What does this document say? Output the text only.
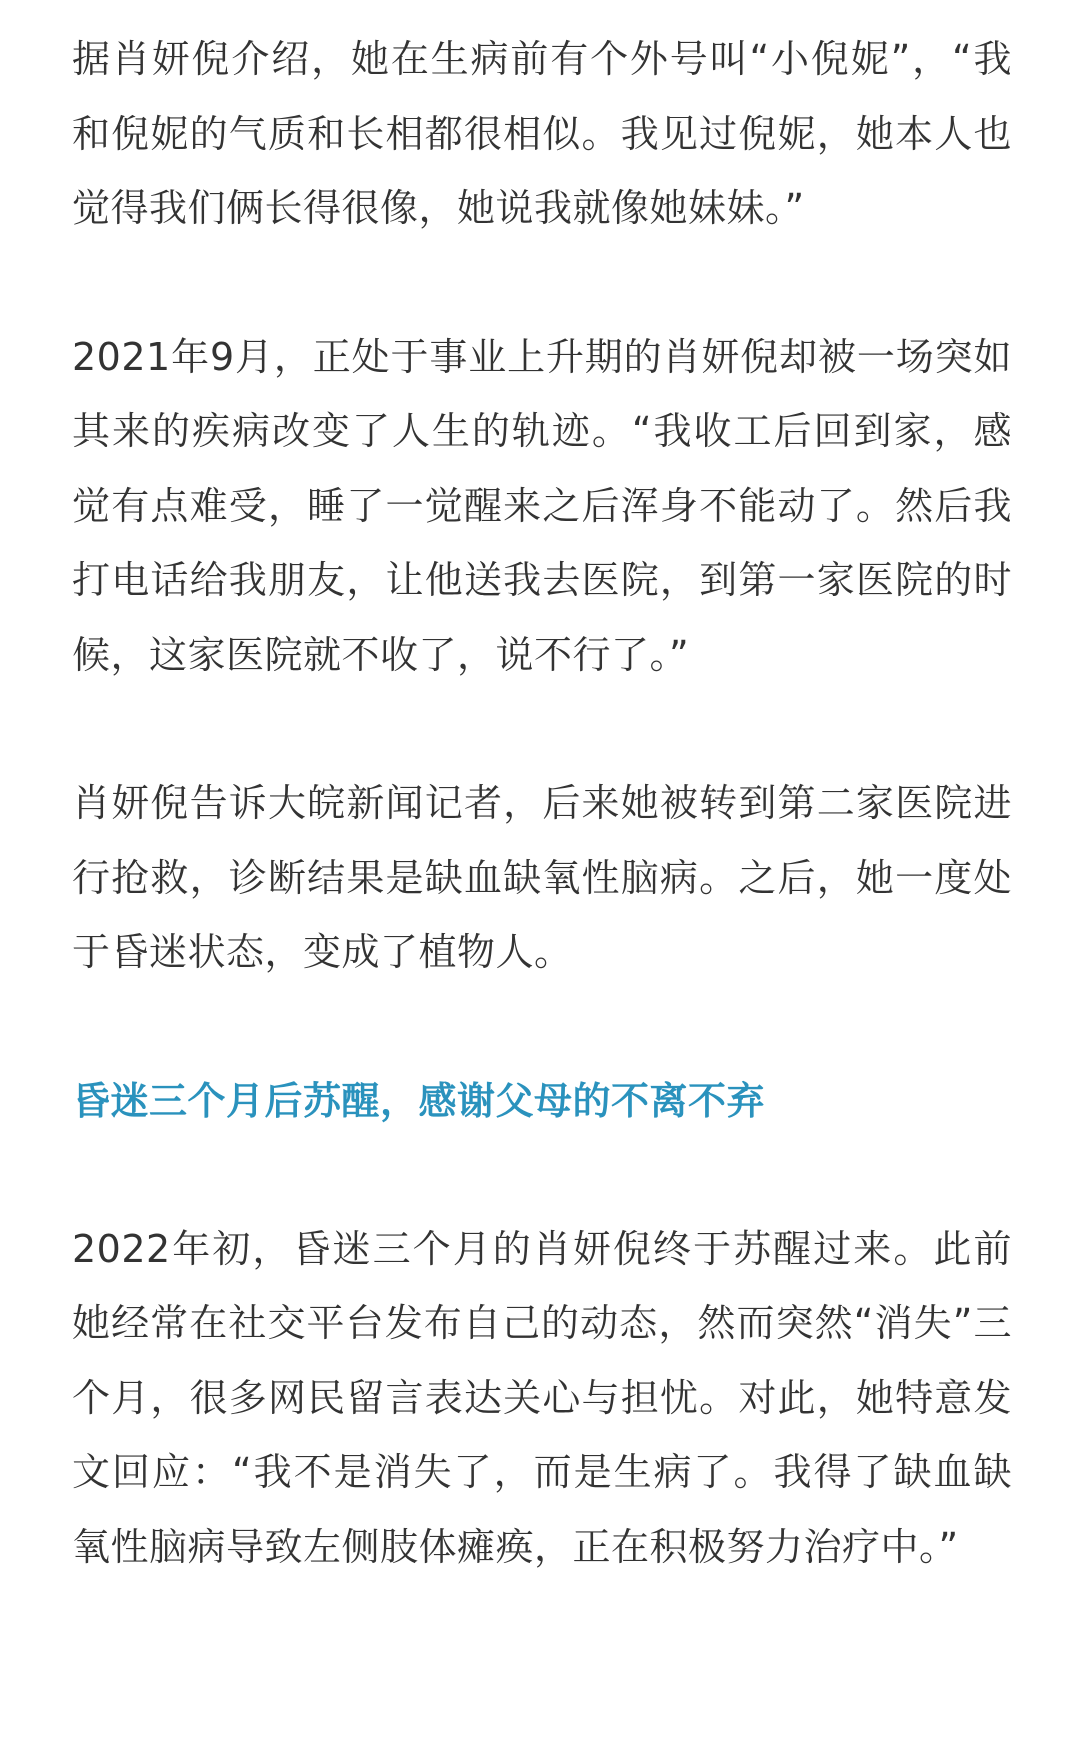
据肖妍倪介绍，她在生病前有个外号叫“小倪妮”，“我和倪妮的气质和长相都很相似。我见过倪妮，她本人也觉得我们俩长得很像，她说我就像她妹妹。”

2021年9月，正处于事业上升期的肖妍倪却被一场突如其来的疾病改变了人生的轨迹。“我收工后回到家，感觉有点难受，睡了一觉醒来之后浑身不能动了。然后我打电话给我朋友，让他送我去医院，到第一家医院的时候，这家医院就不收了，说不行了。”

肖妍倪告诉大皖新闻记者，后来她被转到第二家医院进行抢救，诊断结果是缺血缺氧性脑病。之后，她一度处于昏迷状态，变成了植物人。

昏迷三个月后苏醒，感谢父母的不离不弃

2022年初，昏迷三个月的肖妍倪终于苏醒过来。此前她经常在社交平台发布自己的动态，然而突然“消失”三个月，很多网民留言表达关心与担忧。对此，她特意发文回应：“我不是消失了，而是生病了。我得了缺血缺氧性脑病导致左侧肢体瘫痪，正在积极努力治疗中。”
